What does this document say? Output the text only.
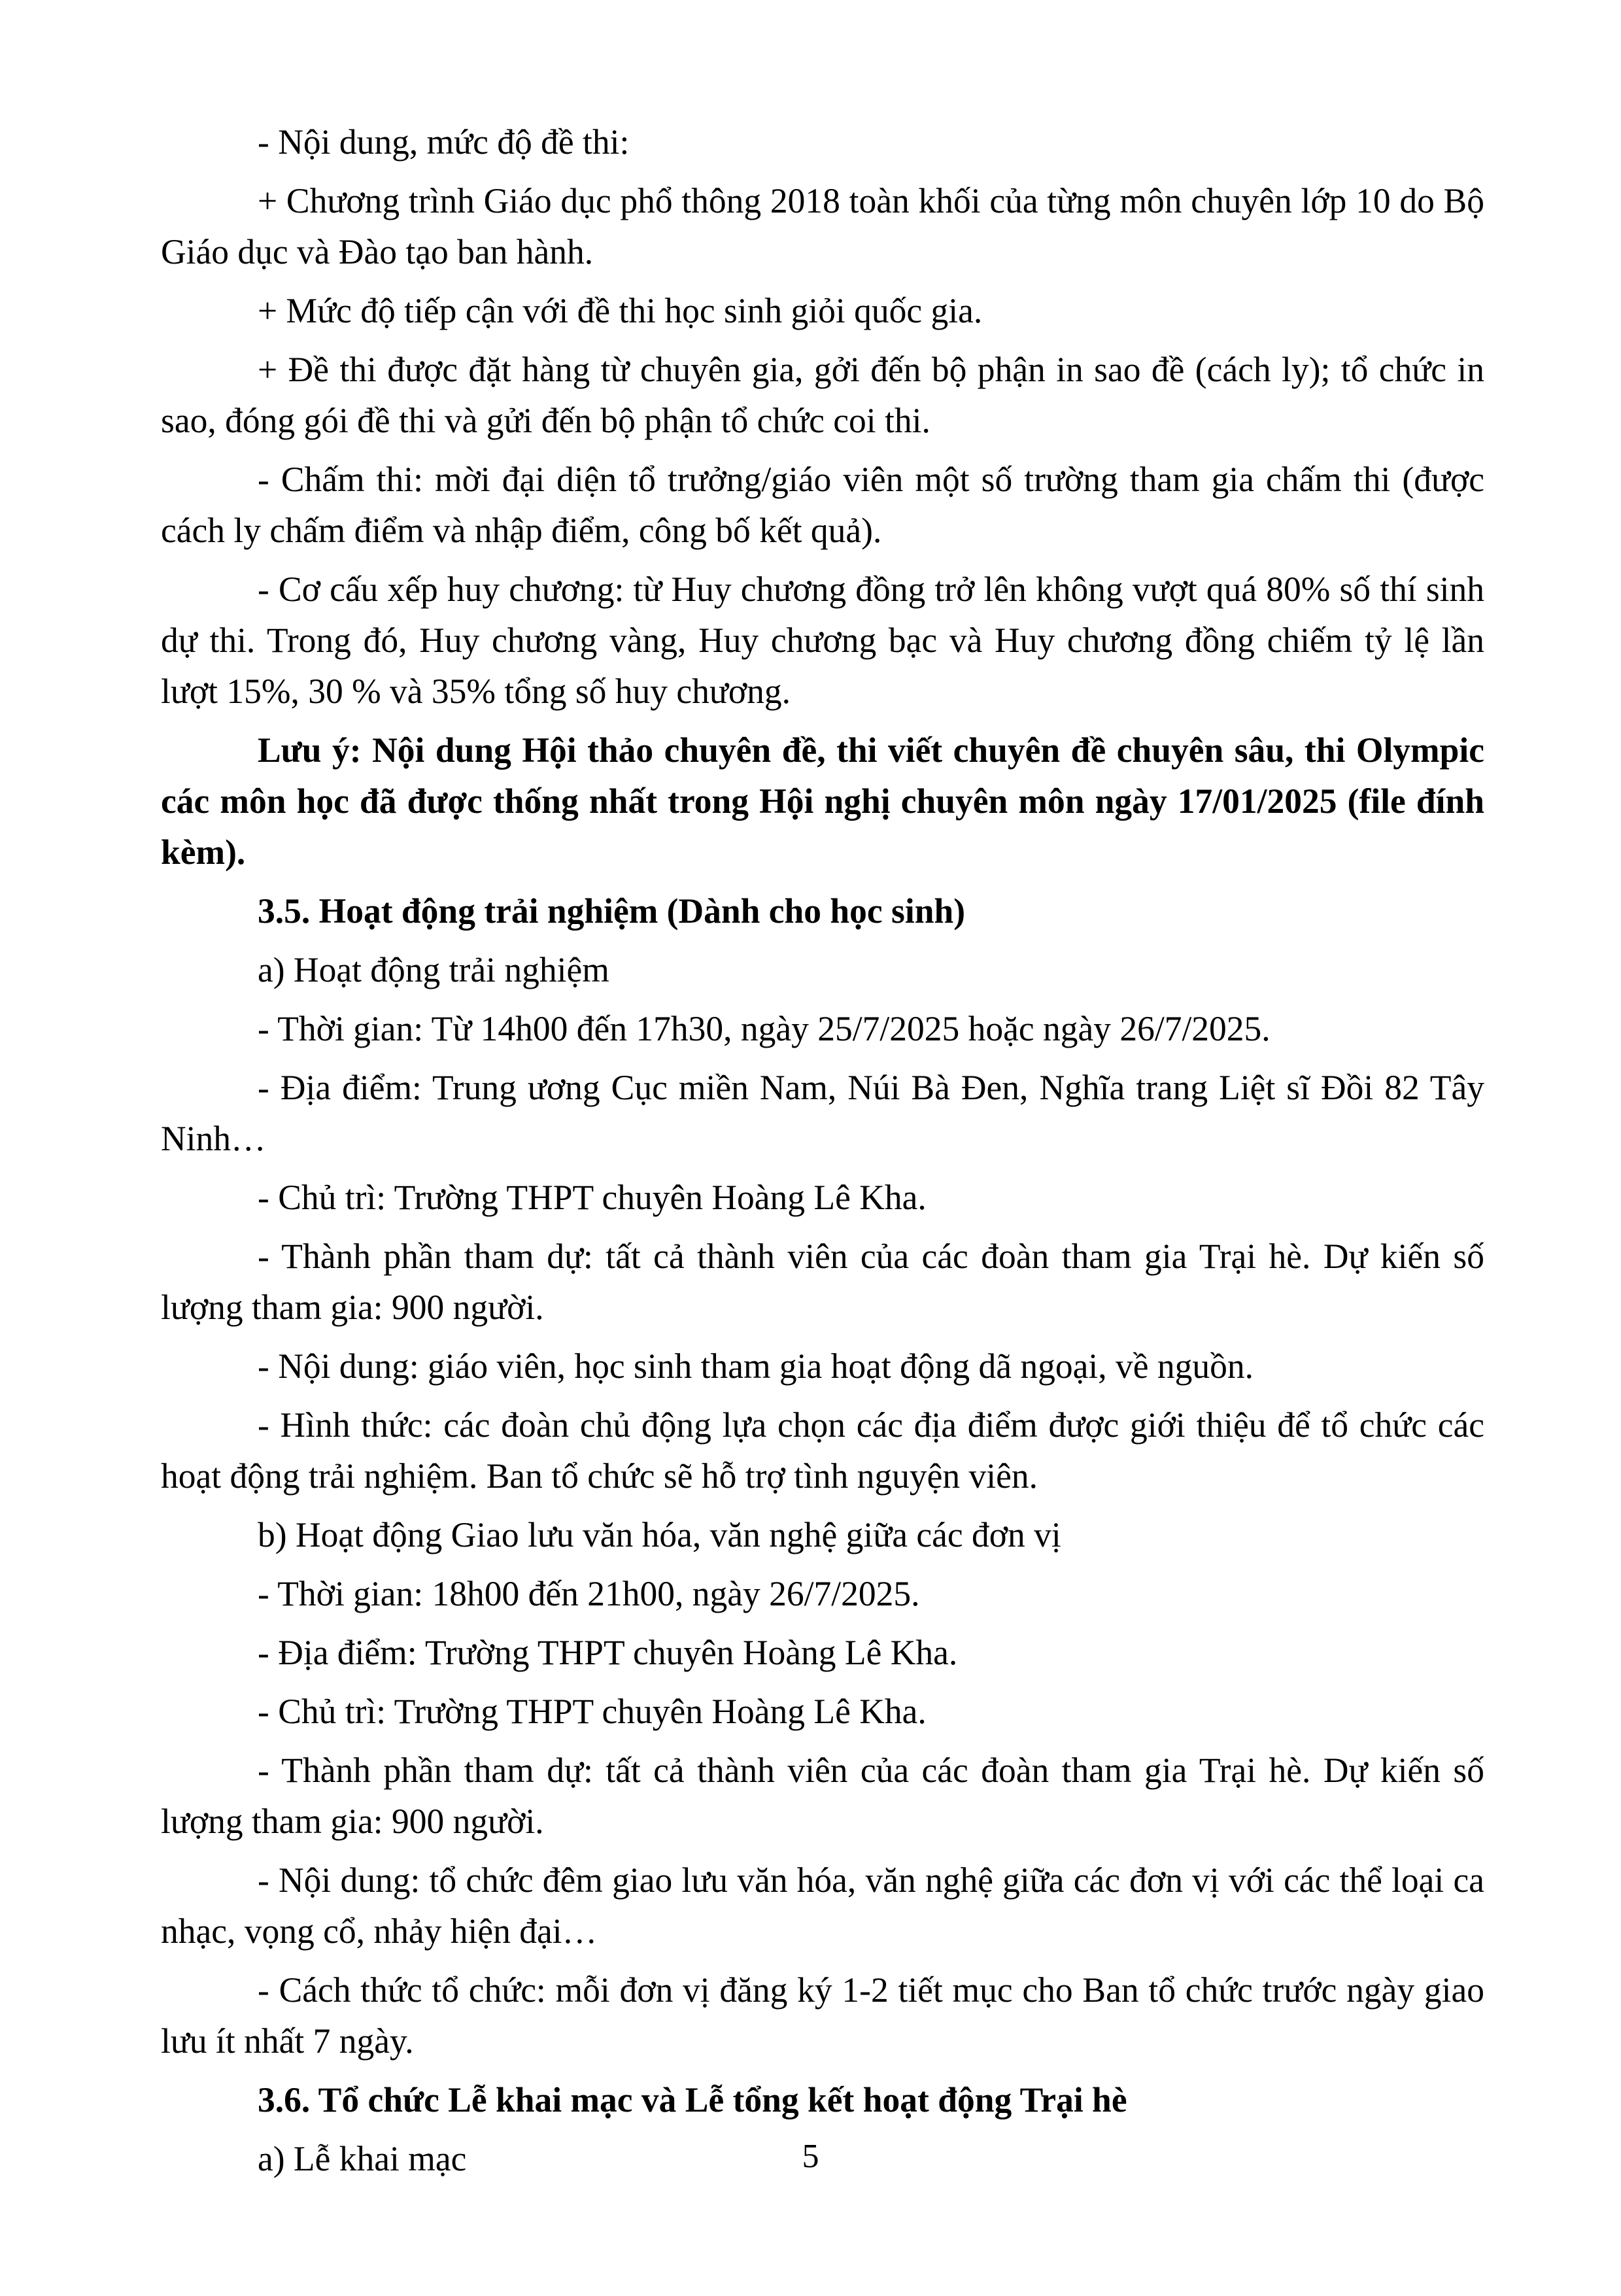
- Nội dung, mức độ đề thi:

+ Chương trình Giáo dục phổ thông 2018 toàn khối của từng môn chuyên lớp 10 do Bộ Giáo dục và Đào tạo ban hành.

+ Mức độ tiếp cận với đề thi học sinh giỏi quốc gia.

+ Đề thi được đặt hàng từ chuyên gia, gởi đến bộ phận in sao đề (cách ly); tổ chức in sao, đóng gói đề thi và gửi đến bộ phận tổ chức coi thi.

- Chấm thi: mời đại diện tổ trưởng/giáo viên một số trường tham gia chấm thi (được cách ly chấm điểm và nhập điểm, công bố kết quả).

- Cơ cấu xếp huy chương: từ Huy chương đồng trở lên không vượt quá 80% số thí sinh dự thi. Trong đó, Huy chương vàng, Huy chương bạc và Huy chương đồng chiếm tỷ lệ lần lượt 15%, 30 % và 35% tổng số huy chương.

Lưu ý: Nội dung Hội thảo chuyên đề, thi viết chuyên đề chuyên sâu, thi Olympic các môn học đã được thống nhất trong Hội nghị chuyên môn ngày 17/01/2025 (file đính kèm).

3.5. Hoạt động trải nghiệm (Dành cho học sinh)

a) Hoạt động trải nghiệm

- Thời gian: Từ 14h00 đến 17h30, ngày 25/7/2025 hoặc ngày 26/7/2025.

- Địa điểm: Trung ương Cục miền Nam, Núi Bà Đen, Nghĩa trang Liệt sĩ Đồi 82 Tây Ninh…

- Chủ trì: Trường THPT chuyên Hoàng Lê Kha.

- Thành phần tham dự: tất cả thành viên của các đoàn tham gia Trại hè. Dự kiến số lượng tham gia: 900 người.

- Nội dung: giáo viên, học sinh tham gia hoạt động dã ngoại, về nguồn.

- Hình thức: các đoàn chủ động lựa chọn các địa điểm được giới thiệu để tổ chức các hoạt động trải nghiệm. Ban tổ chức sẽ hỗ trợ tình nguyện viên.

b) Hoạt động Giao lưu văn hóa, văn nghệ giữa các đơn vị

- Thời gian: 18h00 đến 21h00, ngày 26/7/2025.

- Địa điểm: Trường THPT chuyên Hoàng Lê Kha.

- Chủ trì: Trường THPT chuyên Hoàng Lê Kha.

- Thành phần tham dự: tất cả thành viên của các đoàn tham gia Trại hè. Dự kiến số lượng tham gia: 900 người.

- Nội dung: tổ chức đêm giao lưu văn hóa, văn nghệ giữa các đơn vị với các thể loại ca nhạc, vọng cổ, nhảy hiện đại…

- Cách thức tổ chức: mỗi đơn vị đăng ký 1-2 tiết mục cho Ban tổ chức trước ngày giao lưu ít nhất 7 ngày.

3.6. Tổ chức Lễ khai mạc và Lễ tổng kết hoạt động Trại hè

a) Lễ khai mạc	5
